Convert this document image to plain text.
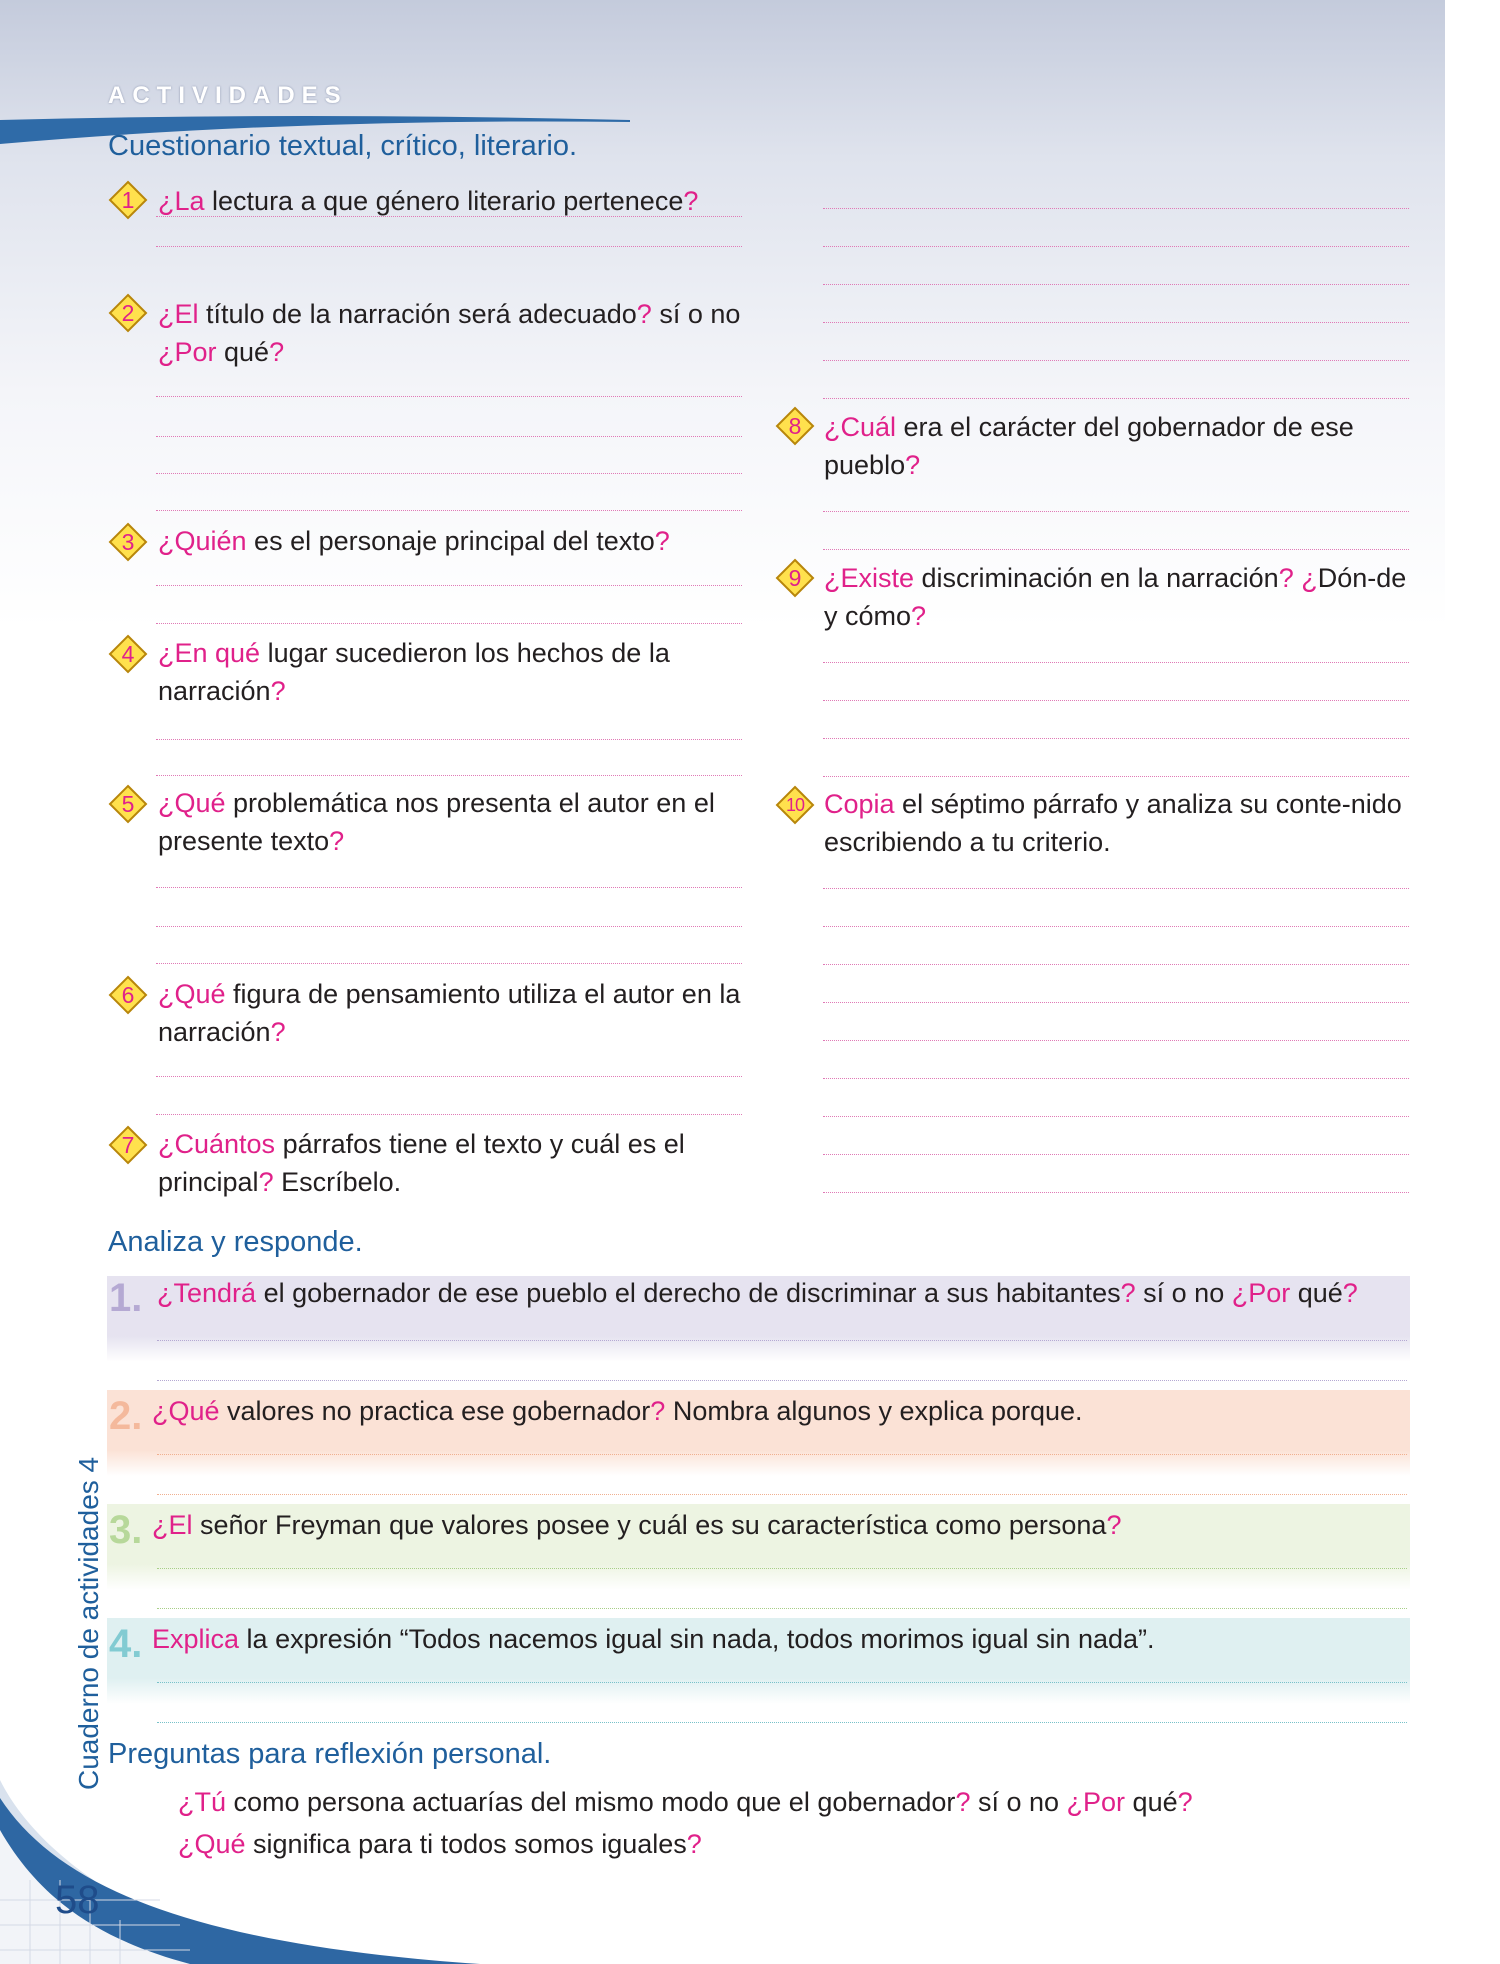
ACTIVIDADES
Cuestionario textual, crítico, literario.
1 ¿La lectura a que género literario pertenece?
2 ¿El título de la narración será adecuado? sí o no ¿Por qué?
3 ¿Quién es el personaje principal del texto?
4 ¿En qué lugar sucedieron los hechos de la narración?
5 ¿Qué problemática nos presenta el autor en el presente texto?
6 ¿Qué figura de pensamiento utiliza el autor en la narración?
7 ¿Cuántos párrafos tiene el texto y cuál es el principal? Escríbelo.
8 ¿Cuál era el carácter del gobernador de ese pueblo?
9 ¿Existe discriminación en la narración? ¿Dón-de y cómo?
10 Copia el séptimo párrafo y analiza su conte-nido escribiendo a tu criterio.
Analiza y responde.
1. ¿Tendrá el gobernador de ese pueblo el derecho de discriminar a sus habitantes? sí o no ¿Por qué?
2. ¿Qué valores no practica ese gobernador? Nombra algunos y explica porque.
3. ¿El señor Freyman que valores posee y cuál es su característica como persona?
4. Explica la expresión “Todos nacemos igual sin nada, todos morimos igual sin nada”.
Preguntas para reflexión personal.
¿Tú como persona actuarías del mismo modo que el gobernador? sí o no ¿Por qué?
¿Qué significa para ti todos somos iguales?
Cuaderno de actividades 4
58
